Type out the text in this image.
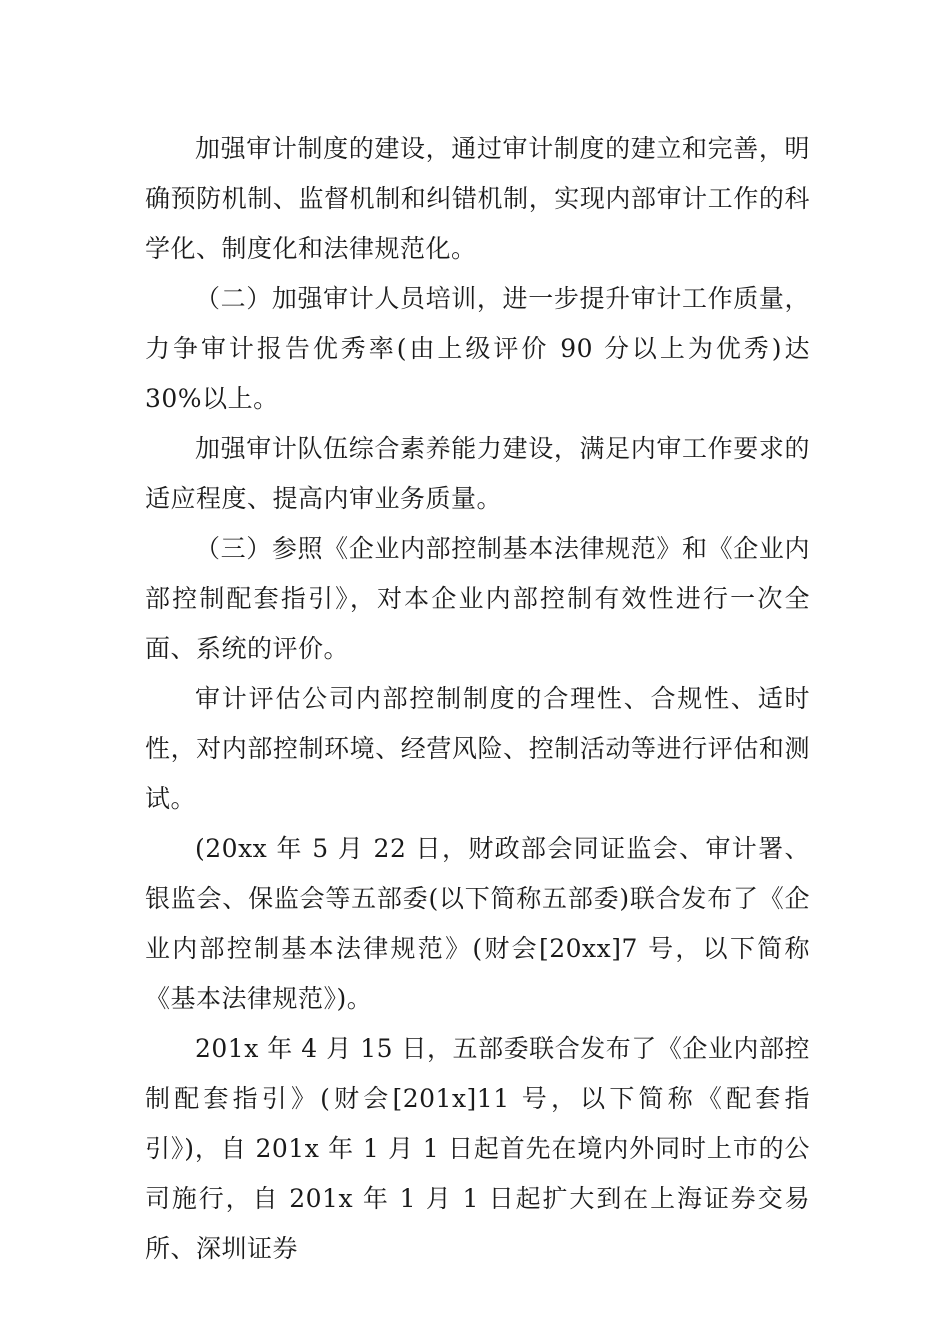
加强审计制度的建设，通过审计制度的建立和完善，明确预防机制、监督机制和纠错机制，实现内部审计工作的科学化、制度化和法律规范化。

（二）加强审计人员培训，进一步提升审计工作质量，力争审计报告优秀率(由上级评价 90 分以上为优秀)达 30%以上。

加强审计队伍综合素养能力建设，满足内审工作要求的适应程度、提高内审业务质量。

（三）参照《企业内部控制基本法律规范》和《企业内部控制配套指引》，对本企业内部控制有效性进行一次全面、系统的评价。

审计评估公司内部控制制度的合理性、合规性、适时性，对内部控制环境、经营风险、控制活动等进行评估和测试。

(20xx 年 5 月 22 日，财政部会同证监会、审计署、银监会、保监会等五部委(以下简称五部委)联合发布了《企业内部控制基本法律规范》(财会[20xx]7 号，以下简称《基本法律规范》)。

201x 年 4 月 15 日，五部委联合发布了《企业内部控制配套指引》(财会[201x]11 号，以下简称《配套指引》)，自 201x 年 1 月 1 日起首先在境内外同时上市的公司施行，自 201x 年 1 月 1 日起扩大到在上海证券交易所、深圳证券
